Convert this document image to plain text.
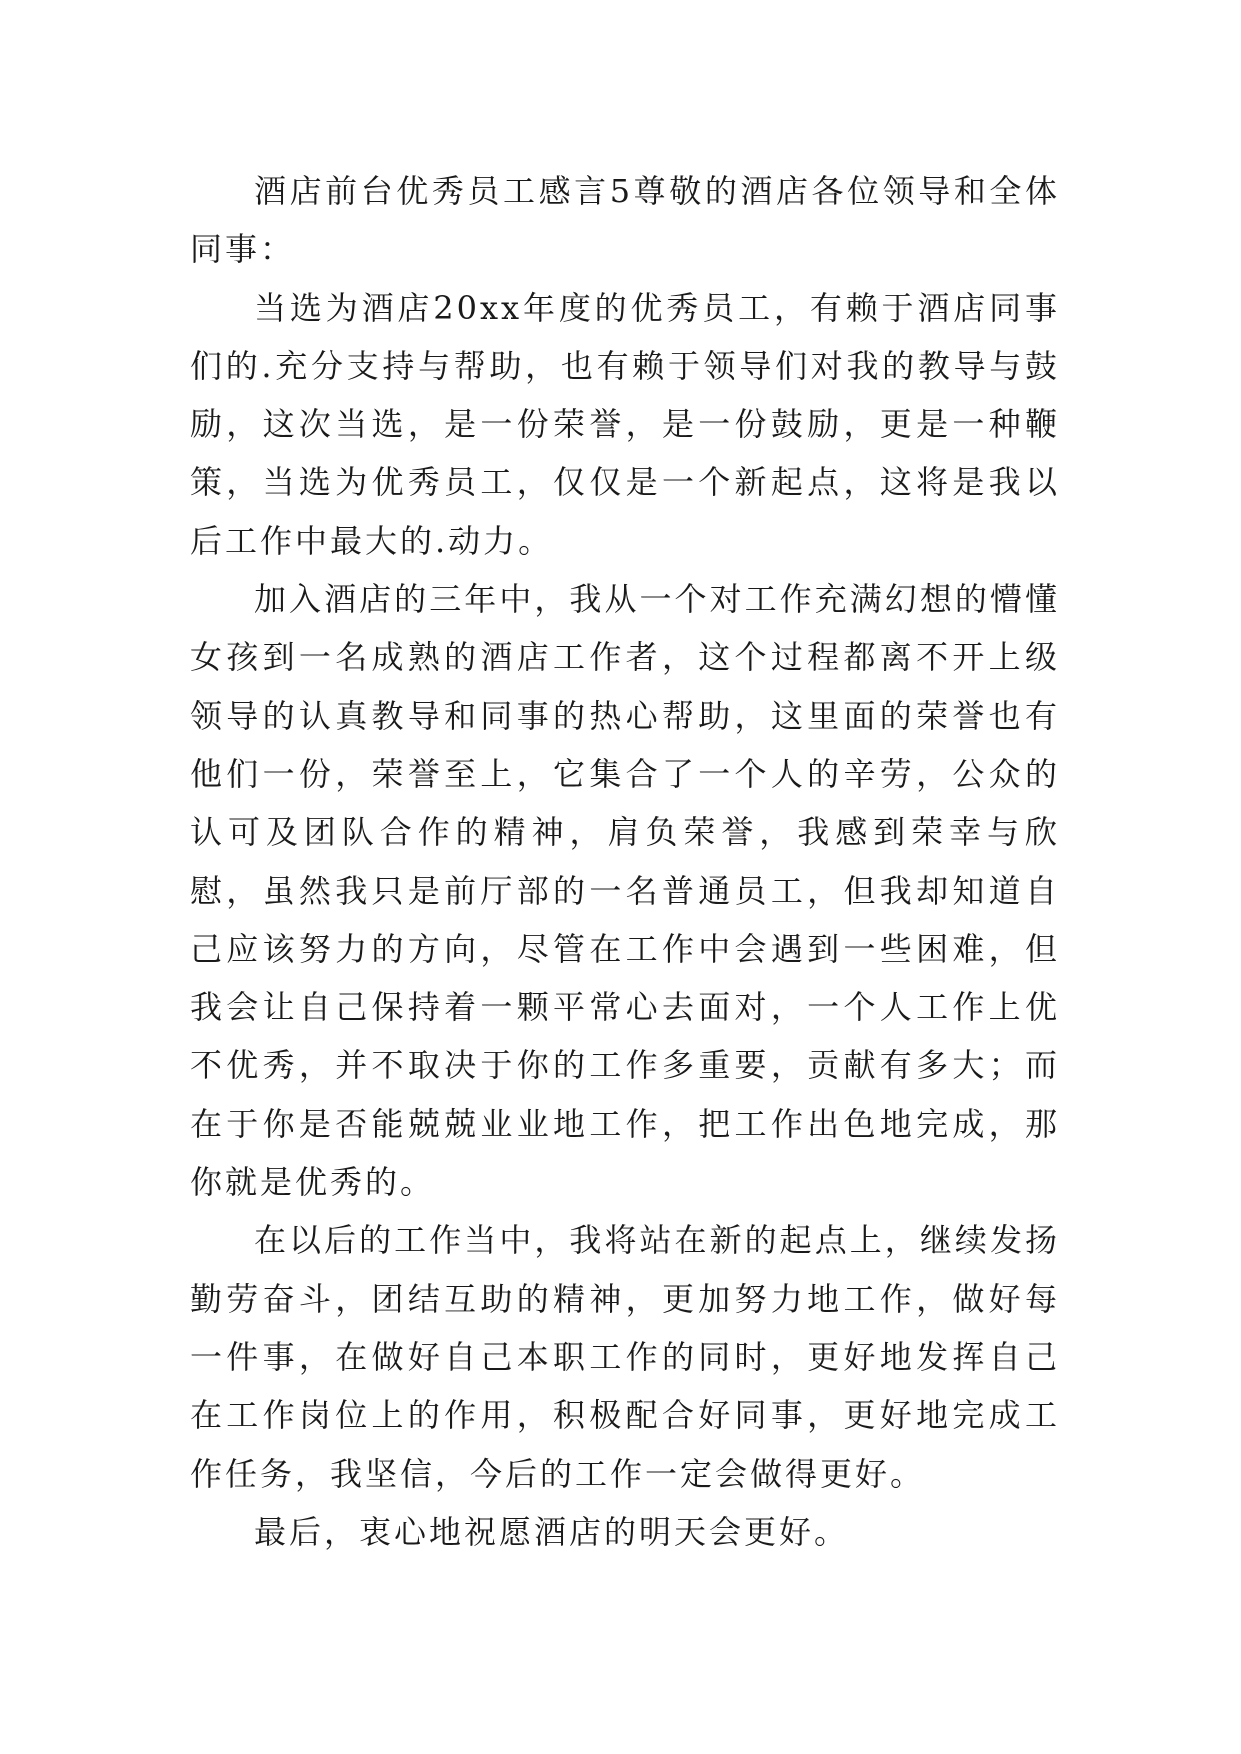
酒店前台优秀员工感言5尊敬的酒店各位领导和全体同事：

当选为酒店20xx年度的优秀员工，有赖于酒店同事们的.充分支持与帮助，也有赖于领导们对我的教导与鼓励，这次当选，是一份荣誉，是一份鼓励，更是一种鞭策，当选为优秀员工，仅仅是一个新起点，这将是我以后工作中最大的.动力。

加入酒店的三年中，我从一个对工作充满幻想的懵懂女孩到一名成熟的酒店工作者，这个过程都离不开上级领导的认真教导和同事的热心帮助，这里面的荣誉也有他们一份，荣誉至上，它集合了一个人的辛劳，公众的认可及团队合作的精神，肩负荣誉，我感到荣幸与欣慰，虽然我只是前厅部的一名普通员工，但我却知道自己应该努力的方向，尽管在工作中会遇到一些困难，但我会让自己保持着一颗平常心去面对，一个人工作上优不优秀，并不取决于你的工作多重要，贡献有多大；而在于你是否能兢兢业业地工作，把工作出色地完成，那你就是优秀的。

在以后的工作当中，我将站在新的起点上，继续发扬勤劳奋斗，团结互助的精神，更加努力地工作，做好每一件事，在做好自己本职工作的同时，更好地发挥自己在工作岗位上的作用，积极配合好同事，更好地完成工作任务，我坚信，今后的工作一定会做得更好。

最后，衷心地祝愿酒店的明天会更好。
